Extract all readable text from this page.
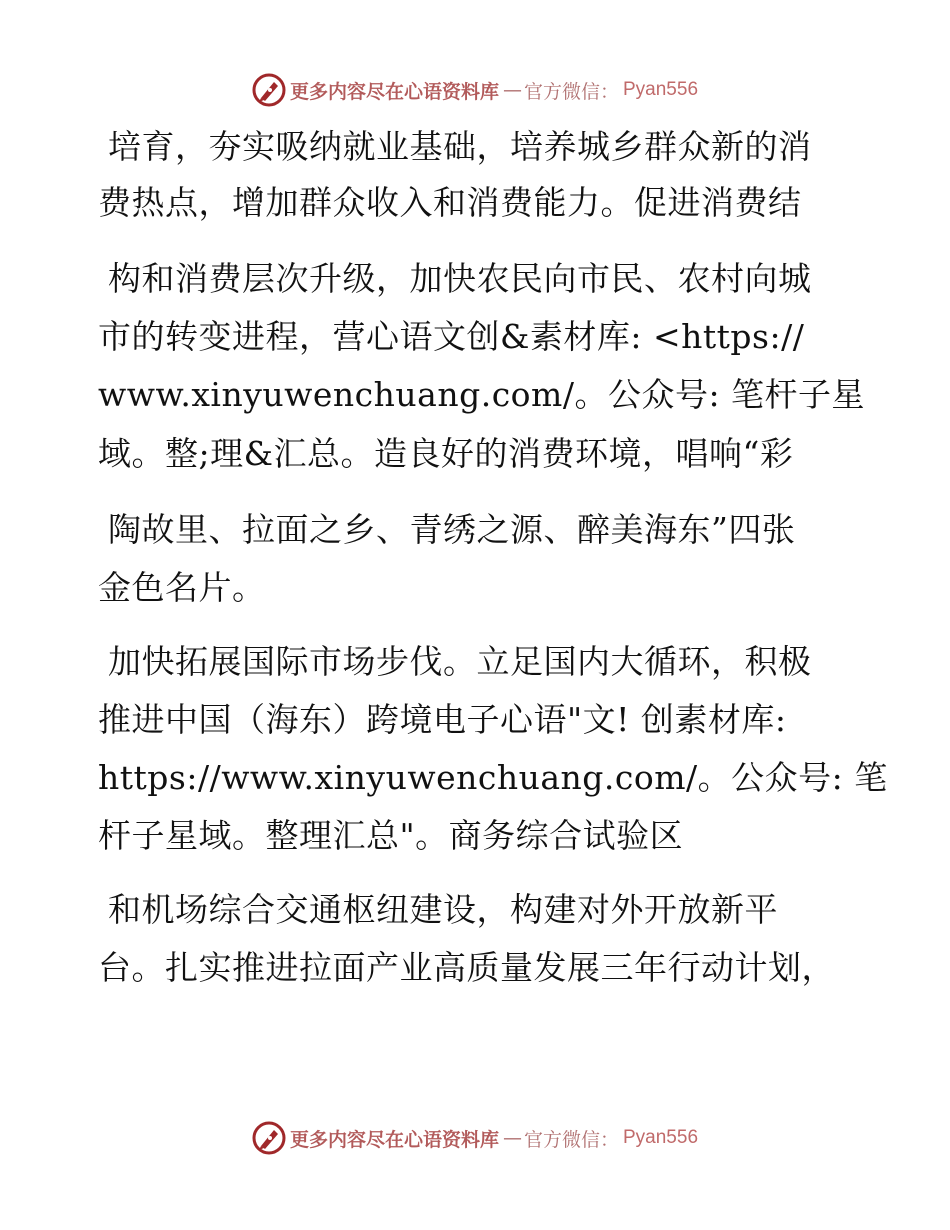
更多内容尽在心语资料库 — 官方微信： Pyan556
培育，夯实吸纳就业基础，培养城乡群众新的消
费热点，增加群众收入和消费能力。促进消费结
构和消费层次升级，加快农民向市民、农村向城
市的转变进程，营心语文创&素材库: <https://
www.xinyuwenchuang.com/。公众号: 笔杆子星
域。整;理&汇总。造良好的消费环境，唱响“彩
陶故里、拉面之乡、青绣之源、醉美海东”四张
金色名片。
加快拓展国际市场步伐。立足国内大循环，积极
推进中国（海东）跨境电子心语"文! 创素材库:
https://www.xinyuwenchuang.com/。公众号: 笔
杆子星域。整理汇总"。商务综合试验区
和机场综合交通枢纽建设，构建对外开放新平
台。扎实推进拉面产业高质量发展三年行动计划，
更多内容尽在心语资料库 — 官方微信： Pyan556
